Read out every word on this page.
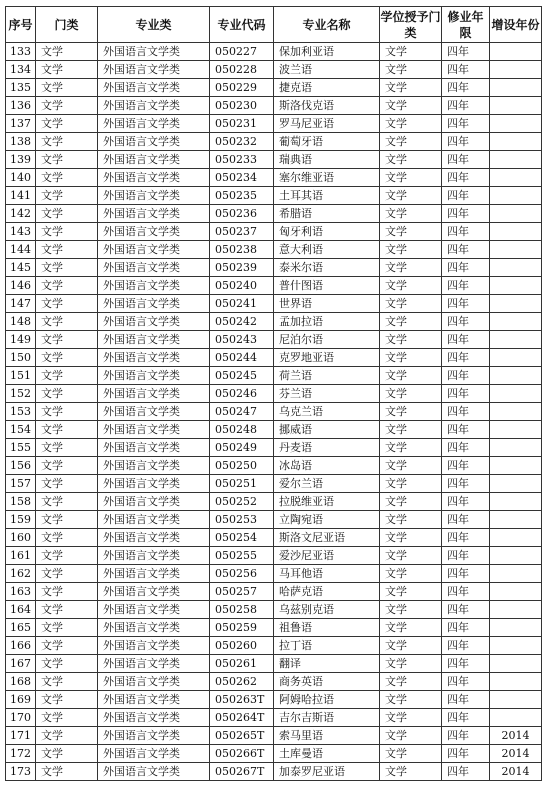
序号	门类	专业类	专业代码	专业名称	学位授予门类	修业年限	增设年份
133	文学	外国语言文学类	050227	保加利亚语	文学	四年	
134	文学	外国语言文学类	050228	波兰语	文学	四年	
135	文学	外国语言文学类	050229	捷克语	文学	四年	
136	文学	外国语言文学类	050230	斯洛伐克语	文学	四年	
137	文学	外国语言文学类	050231	罗马尼亚语	文学	四年	
138	文学	外国语言文学类	050232	葡萄牙语	文学	四年	
139	文学	外国语言文学类	050233	瑞典语	文学	四年	
140	文学	外国语言文学类	050234	塞尔维亚语	文学	四年	
141	文学	外国语言文学类	050235	土耳其语	文学	四年	
142	文学	外国语言文学类	050236	希腊语	文学	四年	
143	文学	外国语言文学类	050237	匈牙利语	文学	四年	
144	文学	外国语言文学类	050238	意大利语	文学	四年	
145	文学	外国语言文学类	050239	泰米尔语	文学	四年	
146	文学	外国语言文学类	050240	普什图语	文学	四年	
147	文学	外国语言文学类	050241	世界语	文学	四年	
148	文学	外国语言文学类	050242	孟加拉语	文学	四年	
149	文学	外国语言文学类	050243	尼泊尔语	文学	四年	
150	文学	外国语言文学类	050244	克罗地亚语	文学	四年	
151	文学	外国语言文学类	050245	荷兰语	文学	四年	
152	文学	外国语言文学类	050246	芬兰语	文学	四年	
153	文学	外国语言文学类	050247	乌克兰语	文学	四年	
154	文学	外国语言文学类	050248	挪威语	文学	四年	
155	文学	外国语言文学类	050249	丹麦语	文学	四年	
156	文学	外国语言文学类	050250	冰岛语	文学	四年	
157	文学	外国语言文学类	050251	爱尔兰语	文学	四年	
158	文学	外国语言文学类	050252	拉脱维亚语	文学	四年	
159	文学	外国语言文学类	050253	立陶宛语	文学	四年	
160	文学	外国语言文学类	050254	斯洛文尼亚语	文学	四年	
161	文学	外国语言文学类	050255	爱沙尼亚语	文学	四年	
162	文学	外国语言文学类	050256	马耳他语	文学	四年	
163	文学	外国语言文学类	050257	哈萨克语	文学	四年	
164	文学	外国语言文学类	050258	乌兹别克语	文学	四年	
165	文学	外国语言文学类	050259	祖鲁语	文学	四年	
166	文学	外国语言文学类	050260	拉丁语	文学	四年	
167	文学	外国语言文学类	050261	翻译	文学	四年	
168	文学	外国语言文学类	050262	商务英语	文学	四年	
169	文学	外国语言文学类	050263T	阿姆哈拉语	文学	四年	
170	文学	外国语言文学类	050264T	吉尔吉斯语	文学	四年	
171	文学	外国语言文学类	050265T	索马里语	文学	四年	2014
172	文学	外国语言文学类	050266T	土库曼语	文学	四年	2014
173	文学	外国语言文学类	050267T	加泰罗尼亚语	文学	四年	2014
